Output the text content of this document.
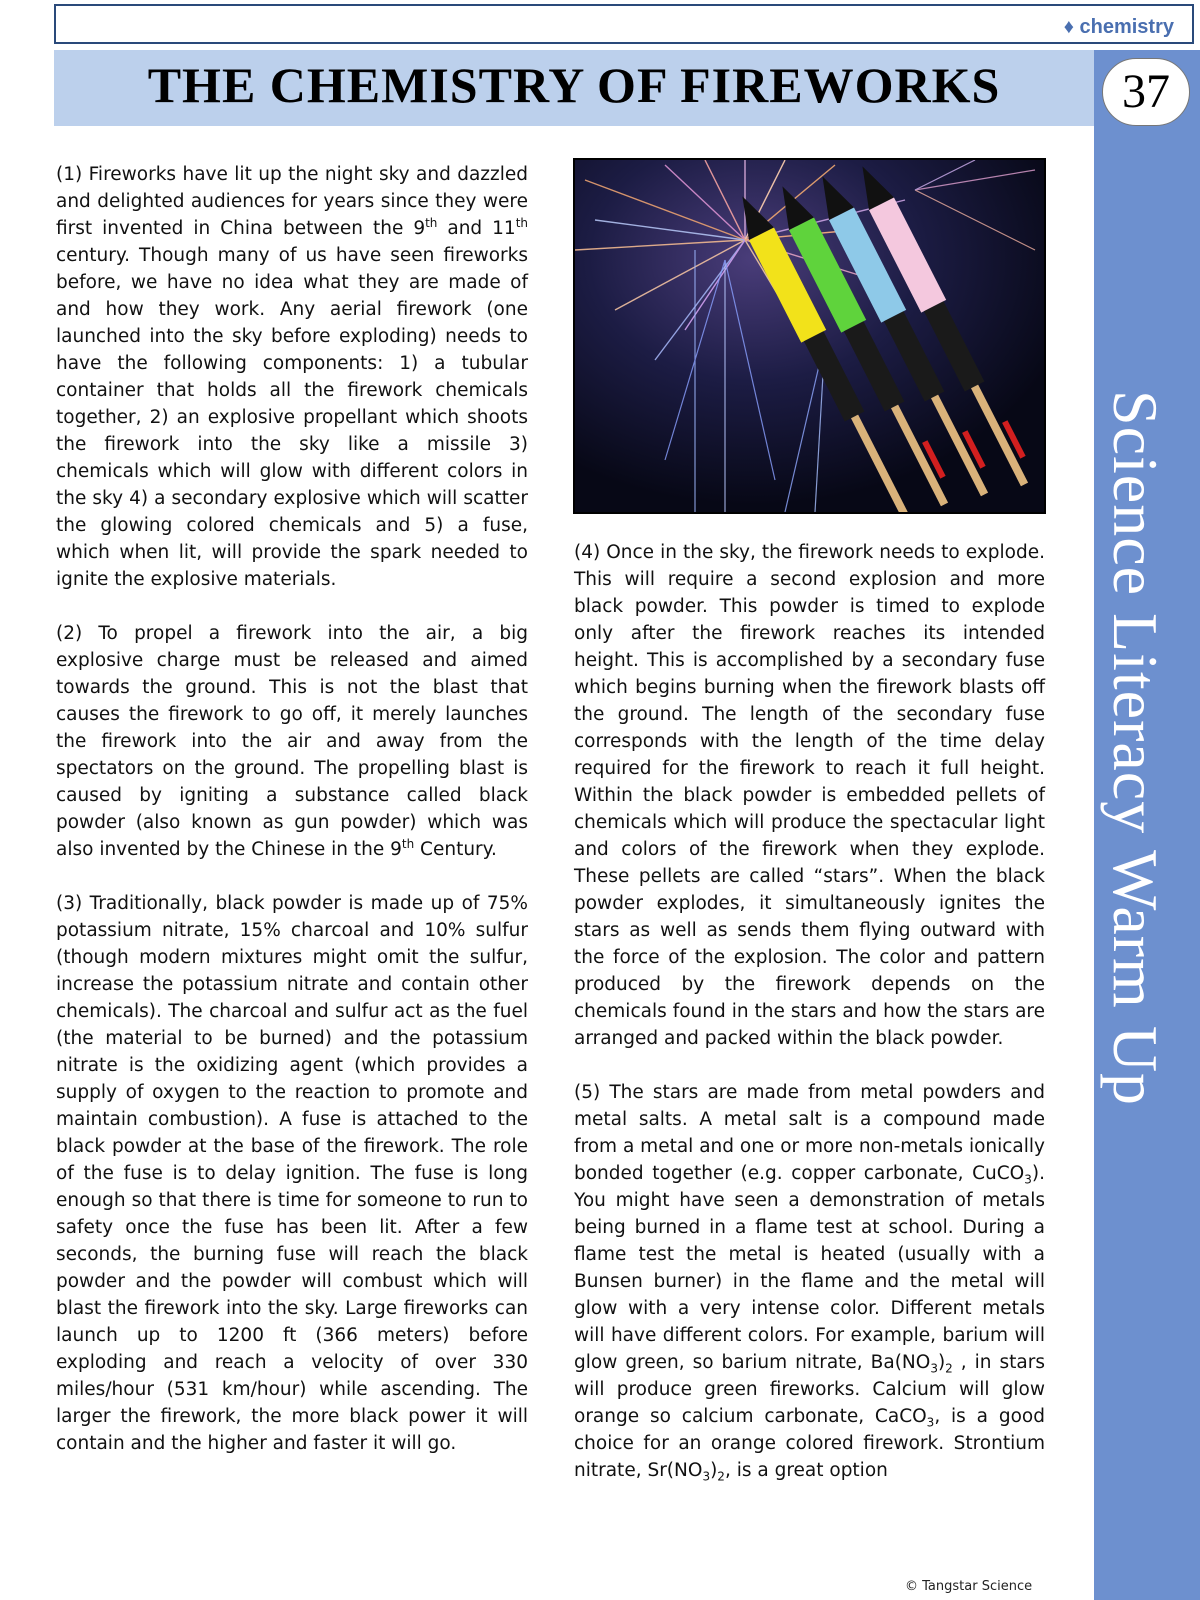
♦ chemistry
THE CHEMISTRY OF FIREWORKS	37
Science Literacy Warm Up

(1) Fireworks have lit up the night sky and dazzled and delighted audiences for years since they were first invented in China between the 9th and 11th century. Though many of us have seen fireworks before, we have no idea what they are made of and how they work. Any aerial firework (one launched into the sky before exploding) needs to have the following components: 1) a tubular container that holds all the firework chemicals together, 2) an explosive propellant which shoots the firework into the sky like a missile 3) chemicals which will glow with different colors in the sky 4) a secondary explosive which will scatter the glowing colored chemicals and 5) a fuse, which when lit, will provide the spark needed to ignite the explosive materials.

(2) To propel a firework into the air, a big explosive charge must be released and aimed towards the ground. This is not the blast that causes the firework to go off, it merely launches the firework into the air and away from the spectators on the ground. The propelling blast is caused by igniting a substance called black powder (also known as gun powder) which was also invented by the Chinese in the 9th Century.

(3) Traditionally, black powder is made up of 75% potassium nitrate, 15% charcoal and 10% sulfur (though modern mixtures might omit the sulfur, increase the potassium nitrate and contain other chemicals). The charcoal and sulfur act as the fuel (the material to be burned) and the potassium nitrate is the oxidizing agent (which provides a supply of oxygen to the reaction to promote and maintain combustion). A fuse is attached to the black powder at the base of the firework. The role of the fuse is to delay ignition. The fuse is long enough so that there is time for someone to run to safety once the fuse has been lit. After a few seconds, the burning fuse will reach the black powder and the powder will combust which will blast the firework into the sky. Large fireworks can launch up to 1200 ft (366 meters) before exploding and reach a velocity of over 330 miles/hour (531 km/hour) while ascending. The larger the firework, the more black power it will contain and the higher and faster it will go.

(4) Once in the sky, the firework needs to explode. This will require a second explosion and more black powder. This powder is timed to explode only after the firework reaches its intended height. This is accomplished by a secondary fuse which begins burning when the firework blasts off the ground. The length of the secondary fuse corresponds with the length of the time delay required for the firework to reach it full height. Within the black powder is embedded pellets of chemicals which will produce the spectacular light and colors of the firework when they explode. These pellets are called “stars”. When the black powder explodes, it simultaneously ignites the stars as well as sends them flying outward with the force of the explosion. The color and pattern produced by the firework depends on the chemicals found in the stars and how the stars are arranged and packed within the black powder.

(5) The stars are made from metal powders and metal salts. A metal salt is a compound made from a metal and one or more non-metals ionically bonded together (e.g. copper carbonate, CuCO$_3$). You might have seen a demonstration of metals being burned in a flame test at school. During a flame test the metal is heated (usually with a Bunsen burner) in the flame and the metal will glow with a very intense color. Different metals will have different colors. For example, barium will glow green, so barium nitrate, $Ba(NO_3)_2$ , in stars will produce green fireworks. Calcium will glow orange so calcium carbonate, CaCO$_3$, is a good choice for an orange colored firework. Strontium nitrate, $Sr(NO_3)_2$, is a great option

© Tangstar Science
